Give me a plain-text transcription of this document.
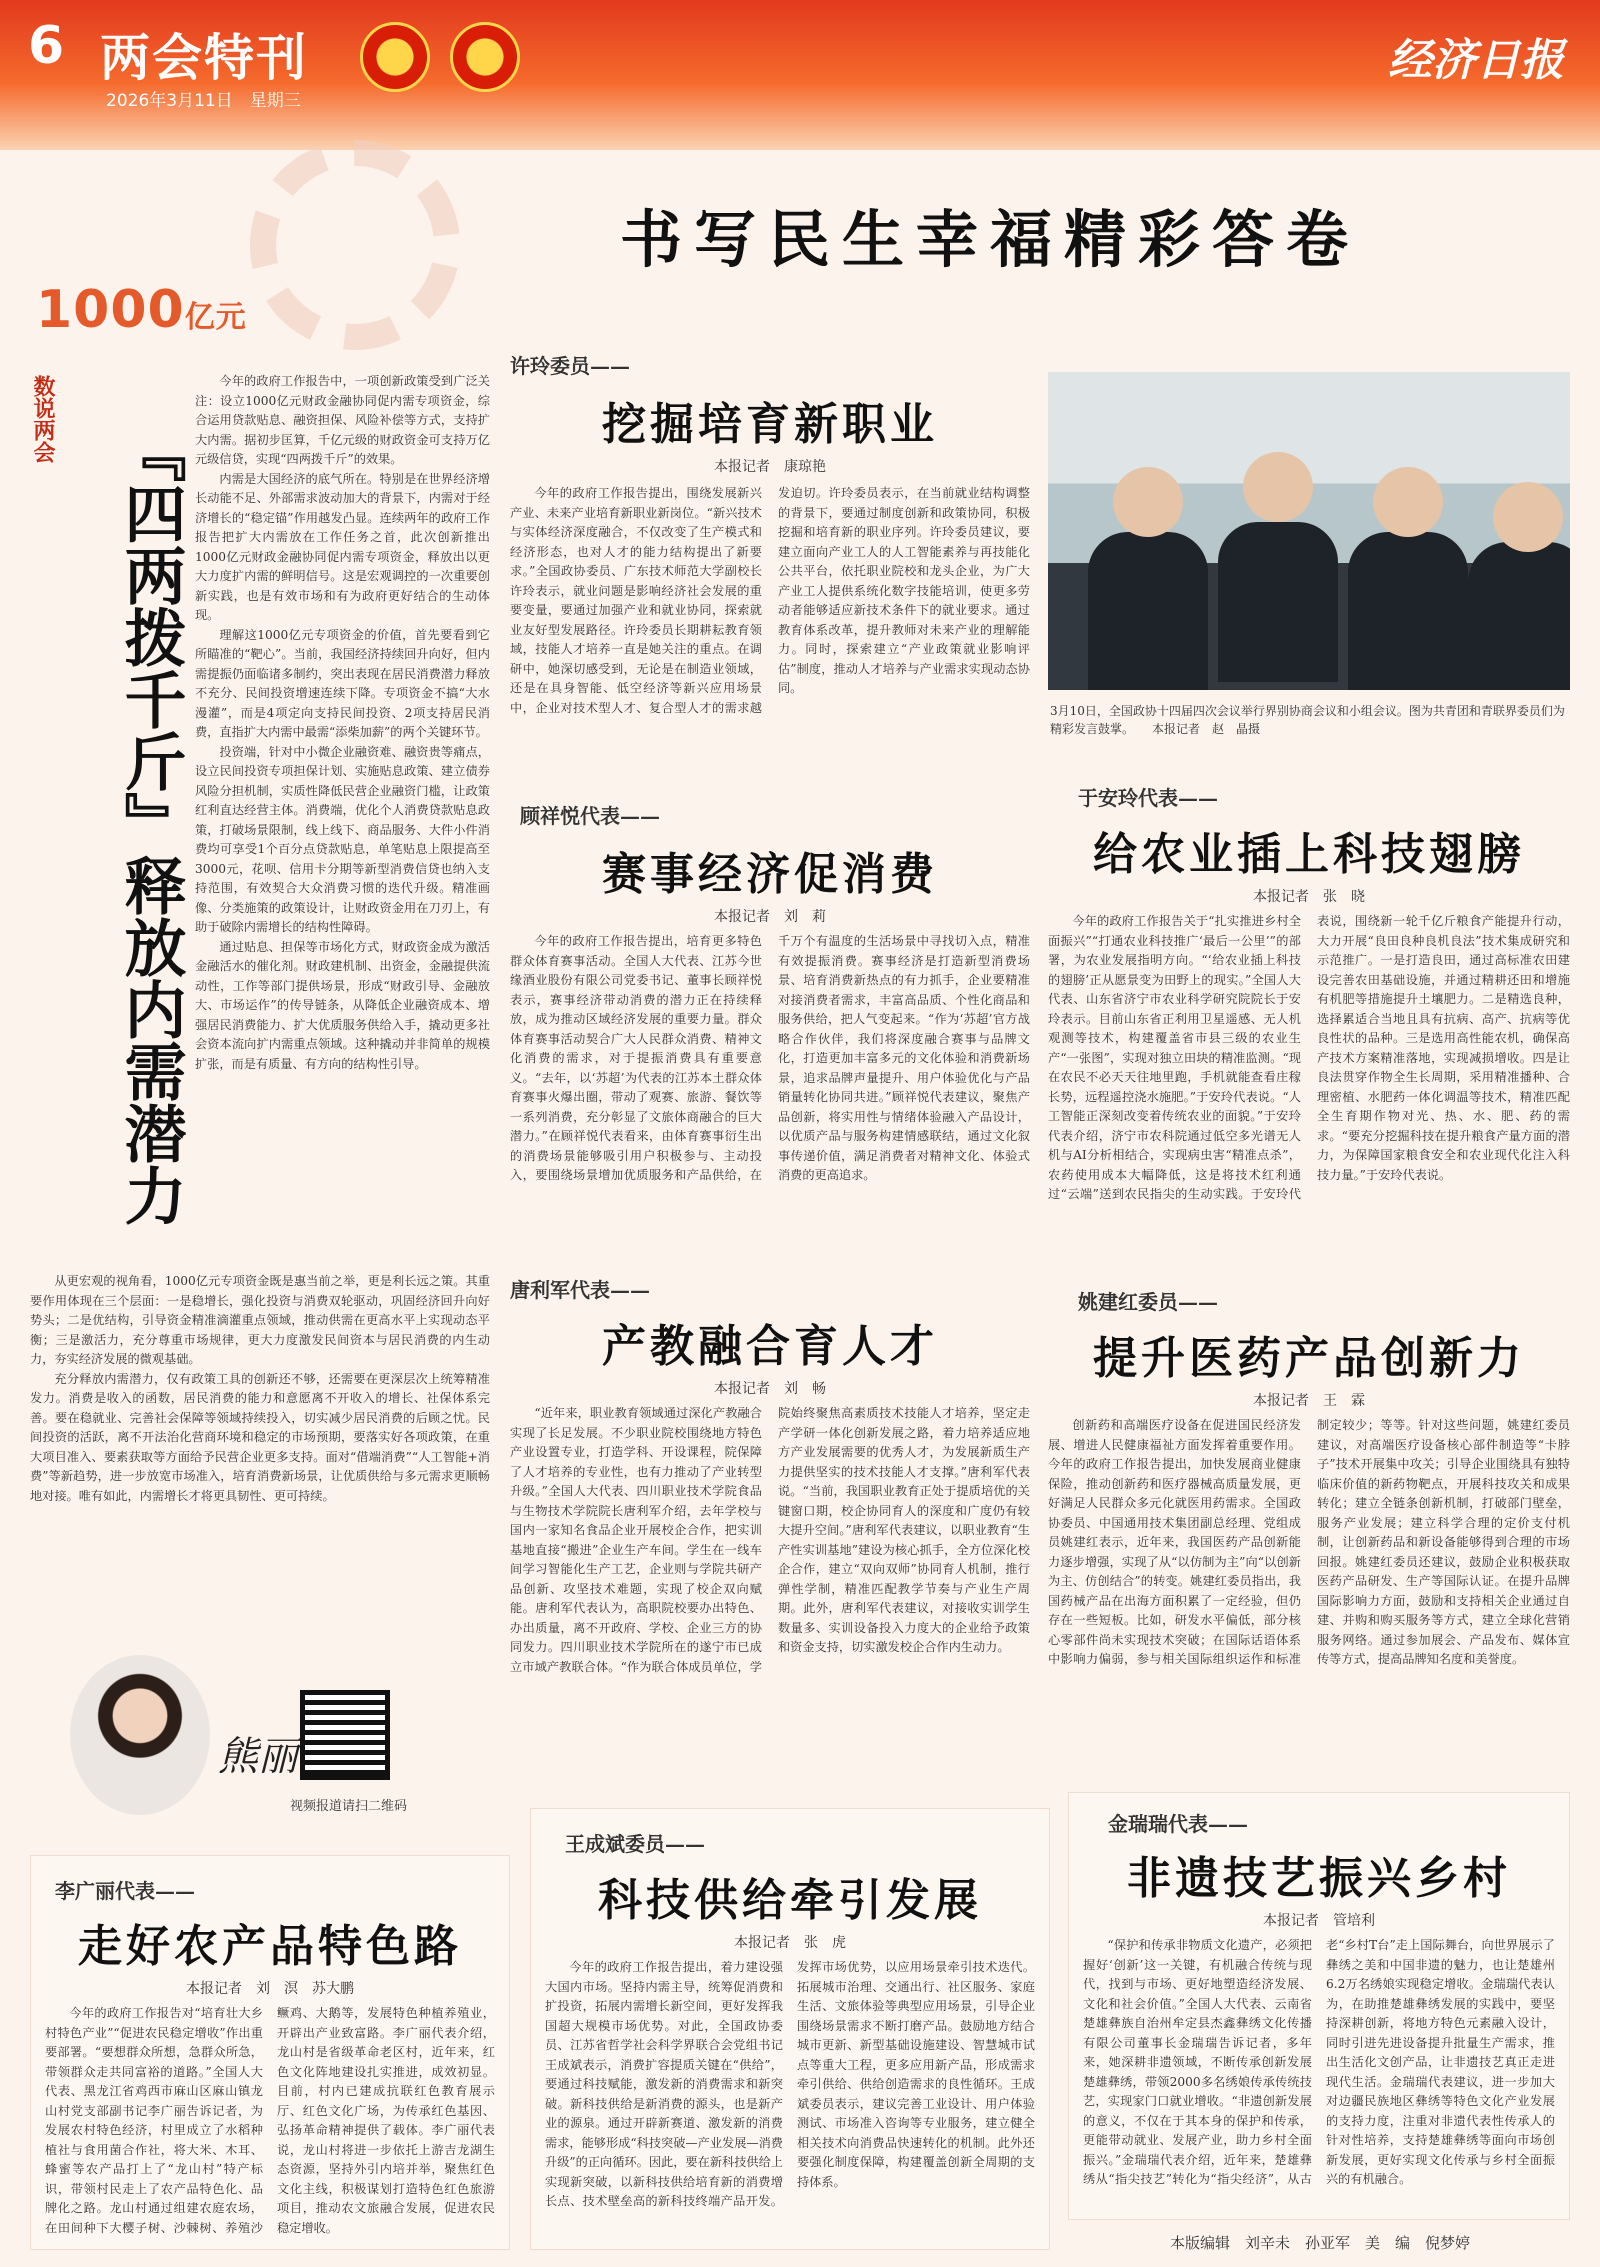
6 两会特刊
2026年3月11日　星期三
经济日报
书写民生幸福精彩答卷
1000亿元
数说两会
『四两拨千斤』释放内需潜力

今年的政府工作报告中，一项创新政策受到广泛关注：设立1000亿元财政金融协同促内需专项资金，综合运用贷款贴息、融资担保、风险补偿等方式，支持扩大内需。据初步匡算，千亿元级的财政资金可支持万亿元级信贷，实现“四两拨千斤”的效果。

内需是大国经济的底气所在。特别是在世界经济增长动能不足、外部需求波动加大的背景下，内需对于经济增长的“稳定锚”作用越发凸显。连续两年的政府工作报告把扩大内需放在工作任务之首，此次创新推出1000亿元财政金融协同促内需专项资金，释放出以更大力度扩内需的鲜明信号。这是宏观调控的一次重要创新实践，也是有效市场和有为政府更好结合的生动体现。

理解这1000亿元专项资金的价值，首先要看到它所瞄准的“靶心”。当前，我国经济持续回升向好，但内需提振仍面临诸多制约，突出表现在居民消费潜力释放不充分、民间投资增速连续下降。专项资金不搞“大水漫灌”，而是4项定向支持民间投资、2项支持居民消费，直指扩大内需中最需“添柴加薪”的两个关键环节。

投资端，针对中小微企业融资难、融资贵等痛点，设立民间投资专项担保计划、实施贴息政策、建立债券风险分担机制，实质性降低民营企业融资门槛，让政策红利直达经营主体。消费端，优化个人消费贷款贴息政策，打破场景限制，线上线下、商品服务、大件小件消费均可享受1个百分点贷款贴息，单笔贴息上限提高至3000元，花呗、信用卡分期等新型消费信贷也纳入支持范围，有效契合大众消费习惯的迭代升级。精准画像、分类施策的政策设计，让财政资金用在刀刃上，有助于破除内需增长的结构性障碍。

通过贴息、担保等市场化方式，财政资金成为激活金融活水的催化剂。财政建机制、出资金，金融提供流动性，工作等部门提供场景，形成“财政引导、金融放大、市场运作”的传导链条，从降低企业融资成本、增强居民消费能力、扩大优质服务供给入手，撬动更多社会资本流向扩内需重点领域。这种撬动并非简单的规模扩张，而是有质量、有方向的结构性引导。

从更宏观的视角看，1000亿元专项资金既是惠当前之举，更是利长远之策。其重要作用体现在三个层面：一是稳增长，强化投资与消费双轮驱动，巩固经济回升向好势头；二是优结构，引导资金精准滴灌重点领域，推动供需在更高水平上实现动态平衡；三是激活力，充分尊重市场规律，更大力度激发民间资本与居民消费的内生动力，夯实经济发展的微观基础。

充分释放内需潜力，仅有政策工具的创新还不够，还需要在更深层次上统筹精准发力。消费是收入的函数，居民消费的能力和意愿离不开收入的增长、社保体系完善。要在稳就业、完善社会保障等领域持续投入，切实减少居民消费的后顾之忧。民间投资的活跃，离不开法治化营商环境和稳定的市场预期，要落实好各项政策，在重大项目准入、要素获取等方面给予民营企业更多支持。面对“借端消费”“人工智能+消费”等新趋势，进一步放宽市场准入，培育消费新场景，让优质供给与多元需求更顺畅地对接。唯有如此，内需增长才将更具韧性、更可持续。

熊丽
视频报道请扫二维码
3月10日，全国政协十四届四次会议举行界别协商会议和小组会议。图为共青团和青联界委员们为精彩发言鼓掌。　　本报记者　赵　晶摄
许玲委员——
挖掘培育新职业
本报记者　康琼艳

今年的政府工作报告提出，围绕发展新兴产业、未来产业培育新职业新岗位。“新兴技术与实体经济深度融合，不仅改变了生产模式和经济形态，也对人才的能力结构提出了新要求。”全国政协委员、广东技术师范大学副校长许玲表示，就业问题是影响经济社会发展的重要变量，要通过加强产业和就业协同，探索就业友好型发展路径。许玲委员长期耕耘教育领域，技能人才培养一直是她关注的重点。在调研中，她深切感受到，无论是在制造业领域，还是在具身智能、低空经济等新兴应用场景中，企业对技术型人才、复合型人才的需求越发迫切。许玲委员表示，在当前就业结构调整的背景下，要通过制度创新和政策协同，积极挖掘和培育新的职业序列。许玲委员建议，要建立面向产业工人的人工智能素养与再技能化公共平台，依托职业院校和龙头企业，为广大产业工人提供系统化数字技能培训，使更多劳动者能够适应新技术条件下的就业要求。通过教育体系改革，提升教师对未来产业的理解能力。同时，探索建立“产业政策就业影响评估”制度，推动人才培养与产业需求实现动态协同。

顾祥悦代表——
赛事经济促消费
本报记者　刘　莉

今年的政府工作报告提出，培育更多特色群众体育赛事活动。全国人大代表、江苏今世缘酒业股份有限公司党委书记、董事长顾祥悦表示，赛事经济带动消费的潜力正在持续释放，成为推动区域经济发展的重要力量。群众体育赛事活动契合广大人民群众消费、精神文化消费的需求，对于提振消费具有重要意义。“去年，以‘苏超’为代表的江苏本土群众体育赛事火爆出圈，带动了观赛、旅游、餐饮等一系列消费，充分彰显了文旅体商融合的巨大潜力。”在顾祥悦代表看来，由体育赛事衍生出的消费场景能够吸引用户积极参与、主动投入，要围绕场景增加优质服务和产品供给，在千万个有温度的生活场景中寻找切入点，精准有效提振消费。赛事经济是打造新型消费场景、培育消费新热点的有力抓手，企业要精准对接消费者需求，丰富高品质、个性化商品和服务供给，把人气变起来。“作为‘苏超’官方战略合作伙伴，我们将深度融合赛事与品牌文化，打造更加丰富多元的文化体验和消费新场景，追求品牌声量提升、用户体验优化与产品销量转化协同共进。”顾祥悦代表建议，聚焦产品创新，将实用性与情绪体验融入产品设计，以优质产品与服务构建情感联结，通过文化叙事传递价值，满足消费者对精神文化、体验式消费的更高追求。

于安玲代表——
给农业插上科技翅膀
本报记者　张　晓

今年的政府工作报告关于“扎实推进乡村全面振兴”“打通农业科技推广‘最后一公里’”的部署，为农业发展指明方向。“‘给农业插上科技的翅膀’正从愿景变为田野上的现实。”全国人大代表、山东省济宁市农业科学研究院院长于安玲表示。目前山东省正利用卫星遥感、无人机观测等技术，构建覆盖省市县三级的农业生产“一张图”，实现对独立田块的精准监测。“现在农民不必天天往地里跑，手机就能查看庄稼长势，远程遥控浇水施肥。”于安玲代表说。“人工智能正深刻改变着传统农业的面貌。”于安玲代表介绍，济宁市农科院通过低空多光谱无人机与AI分析相结合，实现病虫害“精准点杀”，农药使用成本大幅降低，这是将技术红利通过“云端”送到农民指尖的生动实践。于安玲代表说，围绕新一轮千亿斤粮食产能提升行动，大力开展“良田良种良机良法”技术集成研究和示范推广。一是打造良田，通过高标准农田建设完善农田基础设施，并通过精耕还田和增施有机肥等措施提升土壤肥力。二是精选良种，选择累适合当地且具有抗病、高产、抗病等优良性状的品种。三是选用高性能农机，确保高产技术方案精准落地，实现减损增收。四是让良法贯穿作物全生长周期，采用精准播种、合理密植、水肥药一体化调温等技术，精准匹配全生育期作物对光、热、水、肥、药的需求。“要充分挖掘科技在提升粮食产量方面的潜力，为保障国家粮食安全和农业现代化注入科技力量。”于安玲代表说。

唐利军代表——
产教融合育人才
本报记者　刘　畅

“近年来，职业教育领域通过深化产教融合实现了长足发展。不少职业院校围绕地方特色产业设置专业，打造学科、开设课程，院保障了人才培养的专业性，也有力推动了产业转型升级。”全国人大代表、四川职业技术学院食品与生物技术学院院长唐利军介绍，去年学校与国内一家知名食品企业开展校企合作，把实训基地直接“搬进”企业生产车间。学生在一线车间学习智能化生产工艺，企业则与学院共研产品创新、攻坚技术难题，实现了校企双向赋能。唐利军代表认为，高职院校要办出特色、办出质量，离不开政府、学校、企业三方的协同发力。四川职业技术学院所在的遂宁市已成立市域产教联合体。“作为联合体成员单位，学院始终聚焦高素质技术技能人才培养，坚定走产学研一体化创新发展之路，着力培养适应地方产业发展需要的优秀人才，为发展新质生产力提供坚实的技术技能人才支撑。”唐利军代表说。“当前，我国职业教育正处于提质培优的关键窗口期，校企协同育人的深度和广度仍有较大提升空间。”唐利军代表建议，以职业教育“生产性实训基地”建设为核心抓手，全方位深化校企合作，建立“双向双师”协同育人机制，推行弹性学制，精准匹配教学节奏与产业生产周期。此外，唐利军代表建议，对接收实训学生数量多、实训设备投入力度大的企业给予政策和资金支持，切实激发校企合作内生动力。

姚建红委员——
提升医药产品创新力
本报记者　王　霖

创新药和高端医疗设备在促进国民经济发展、增进人民健康福祉方面发挥着重要作用。今年的政府工作报告提出，加快发展商业健康保险，推动创新药和医疗器械高质量发展，更好满足人民群众多元化就医用药需求。全国政协委员、中国通用技术集团副总经理、党组成员姚建红表示，近年来，我国医药产品创新能力逐步增强，实现了从“以仿制为主”向“以创新为主、仿创结合”的转变。姚建红委员指出，我国药械产品在出海方面积累了一定经验，但仍存在一些短板。比如，研发水平偏低，部分核心零部件尚未实现技术突破；在国际话语体系中影响力偏弱，参与相关国际组织运作和标准制定较少；等等。针对这些问题，姚建红委员建议，对高端医疗设备核心部件制造等“卡脖子”技术开展集中攻关；引导企业围绕具有独特临床价值的新药物靶点，开展科技攻关和成果转化；建立全链条创新机制，打破部门壁垒，服务产业发展；建立科学合理的定价支付机制，让创新药品和新设备能够得到合理的市场回报。姚建红委员还建议，鼓励企业积极获取医药产品研发、生产等国际认证。在提升品牌国际影响力方面，鼓励和支持相关企业通过自建、并购和购买服务等方式，建立全球化营销服务网络。通过参加展会、产品发布、媒体宣传等方式，提高品牌知名度和美誉度。

李广丽代表——
走好农产品特色路
本报记者　刘　溟　苏大鹏

今年的政府工作报告对“培育壮大乡村特色产业”“促进农民稳定增收”作出重要部署。“要想群众所想，急群众所急，带领群众走共同富裕的道路。”全国人大代表、黑龙江省鸡西市麻山区麻山镇龙山村党支部副书记李广丽告诉记者，为发展农村特色经济，村里成立了水稻种植社与食用菌合作社，将大米、木耳、蜂蜜等农产品打上了“龙山村”特产标识，带领村民走上了农产品特色化、品牌化之路。龙山村通过组建农庭农场，在田间种下大樱子树、沙棘树、养殖沙鳜鸡、大鹅等，发展特色种植养殖业，开辟出产业致富路。李广丽代表介绍，龙山村是省级革命老区村，近年来，红色文化阵地建设扎实推进，成效初显。目前，村内已建成抗联红色教育展示厅、红色文化广场，为传承红色基因、弘扬革命精神提供了载体。李广丽代表说，龙山村将进一步依托上游吉龙湖生态资源，坚持外引内培并举，聚焦红色文化主线，积极谋划打造特色红色旅游项目，推动农文旅融合发展，促进农民稳定增收。

王成斌委员——
科技供给牵引发展
本报记者　张　虎

今年的政府工作报告提出，着力建设强大国内市场。坚持内需主导，统筹促消费和扩投资，拓展内需增长新空间，更好发挥我国超大规模市场优势。对此，全国政协委员、江苏省哲学社会科学界联合会党组书记王成斌表示，消费扩容提质关键在“供给”，要通过科技赋能，激发新的消费需求和新突破。新科技供给是新消费的源头，也是新产业的源泉。通过开辟新赛道、激发新的消费需求，能够形成“科技突破—产业发展—消费升级”的正向循环。因此，要在新科技供给上实现新突破，以新科技供给培育新的消费增长点、技术壁垒高的新科技终端产品开发。发挥市场优势，以应用场景牵引技术迭代。拓展城市治理、交通出行、社区服务、家庭生活、文旅体验等典型应用场景，引导企业围绕场景需求不断打磨产品。鼓励地方结合城市更新、新型基础设施建设、智慧城市试点等重大工程，更多应用新产品，形成需求牵引供给、供给创造需求的良性循环。王成斌委员表示，建议完善工业设计、用户体验测试、市场准入咨询等专业服务，建立健全相关技术向消费品快速转化的机制。此外还要强化制度保障，构建覆盖创新全周期的支持体系。

金瑞瑞代表——
非遗技艺振兴乡村
本报记者　管培利

“保护和传承非物质文化遗产，必须把握好‘创新’这一关键，有机融合传统与现代，找到与市场、更好地塑造经济发展、文化和社会价值。”全国人大代表、云南省楚雄彝族自治州牟定县杰鑫彝绣文化传播有限公司董事长金瑞瑞告诉记者，多年来，她深耕非遗领域，不断传承创新发展楚雄彝绣，带领2000多名绣娘传承传统技艺，实现家门口就业增收。“非遗创新发展的意义，不仅在于其本身的保护和传承，更能带动就业、发展产业，助力乡村全面振兴。”金瑞瑞代表介绍，近年来，楚雄彝绣从“指尖技艺”转化为“指尖经济”，从古老“乡村T台”走上国际舞台，向世界展示了彝绣之美和中国非遗的魅力，也让楚雄州6.2万名绣娘实现稳定增收。金瑞瑞代表认为，在助推楚雄彝绣发展的实践中，要坚持深耕创新，将地方特色元素融入设计，同时引进先进设备提升批量生产需求，推出生活化文创产品，让非遗技艺真正走进现代生活。金瑞瑞代表建议，进一步加大对边疆民族地区彝绣等特色文化产业发展的支持力度，注重对非遗代表性传承人的针对性培养，支持楚雄彝绣等面向市场创新发展，更好实现文化传承与乡村全面振兴的有机融合。

本版编辑　刘辛未　孙亚军　美　编　倪梦婷
